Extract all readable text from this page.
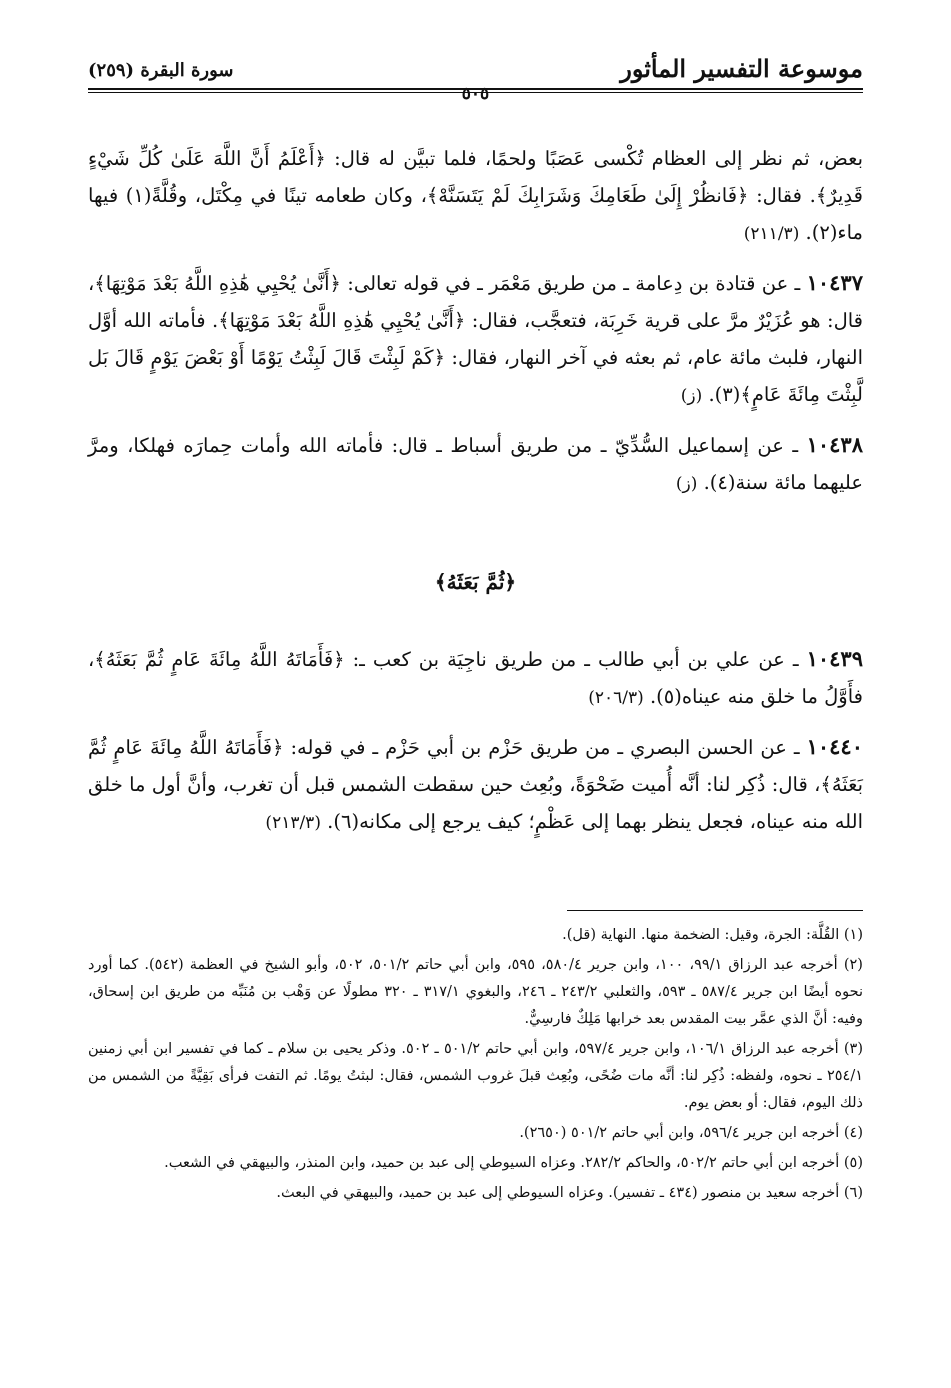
موسوعة التفسير المأثور
سورة البقرة (٢٥٩)
٥٠٥

بعض، ثم نظر إلى العظام تُكْسى عَصَبًا ولحمًا، فلما تبيَّن له قال: ﴿أَعْلَمُ أَنَّ اللَّهَ عَلَىٰ كُلِّ شَيْءٍ قَدِيرٌ﴾. فقال: ﴿فَانظُرْ إِلَىٰ طَعَامِكَ وَشَرَابِكَ لَمْ يَتَسَنَّهْ﴾، وكان طعامه تينًا في مِكْتَل، وقُلَّةً(١) فيها ماء(٢). (٢١١/٣)

١٠٤٣٧ ـ عن قتادة بن دِعامة ـ من طريق مَعْمَر ـ في قوله تعالى: ﴿أَنَّىٰ يُحْيِي هَٰذِهِ اللَّهُ بَعْدَ مَوْتِهَا﴾، قال: هو عُزَيْرٌ مرَّ على قرية خَرِبَة، فتعجَّب، فقال: ﴿أَنَّىٰ يُحْيِي هَٰذِهِ اللَّهُ بَعْدَ مَوْتِهَا﴾. فأماته الله أوَّل النهار، فلبث مائة عام، ثم بعثه في آخر النهار، فقال: ﴿كَمْ لَبِثْتَ قَالَ لَبِثْتُ يَوْمًا أَوْ بَعْضَ يَوْمٍ قَالَ بَل لَّبِثْتَ مِائَةَ عَامٍ﴾(٣). (ز)

١٠٤٣٨ ـ عن إسماعيل السُّدِّيّ ـ من طريق أسباط ـ قال: فأماته الله وأمات حِمارَه فهلكا، ومرَّ عليهما مائة سنة(٤). (ز)

﴿ثُمَّ بَعَثَهُ﴾

١٠٤٣٩ ـ عن علي بن أبي طالب ـ من طريق ناجِيَة بن كعب ـ: ﴿فَأَمَاتَهُ اللَّهُ مِائَةَ عَامٍ ثُمَّ بَعَثَهُ﴾، فأَوَّلُ ما خلق منه عيناه(٥). (٢٠٦/٣)

١٠٤٤٠ ـ عن الحسن البصري ـ من طريق حَزْم بن أبي حَزْم ـ في قوله: ﴿فَأَمَاتَهُ اللَّهُ مِائَةَ عَامٍ ثُمَّ بَعَثَهُ﴾، قال: ذُكِر لنا: أنَّه أُميت ضَحْوَةً، وبُعِث حين سقطت الشمس قبل أن تغرب، وأنَّ أول ما خلق الله منه عيناه، فجعل ينظر بهما إلى عَظْمٍ؛ كيف يرجع إلى مكانه(٦). (٢١٣/٣)

(١) القُلَّة: الجرة، وقيل: الضخمة منها. النهاية (قل).

(٢) أخرجه عبد الرزاق ٩٩/١، ١٠٠، وابن جرير ٥٨٠/٤، ٥٩٥، وابن أبي حاتم ٥٠١/٢، ٥٠٢، وأبو الشيخ في العظمة (٥٤٢). كما أورد نحوه أيضًا ابن جرير ٥٨٧/٤ ـ ٥٩٣، والثعلبي ٢٤٣/٢ ـ ٢٤٦، والبغوي ٣١٧/١ ـ ٣٢٠ مطولًا عن وَهْب بن مُنَبِّه من طريق ابن إسحاق، وفيه: أنَّ الذي عمَّر بيت المقدس بعد خرابها مَلِكٌ فارسِيٌّ.

(٣) أخرجه عبد الرزاق ١٠٦/١، وابن جرير ٥٩٧/٤، وابن أبي حاتم ٥٠١/٢ ـ ٥٠٢. وذكر يحيى بن سلام ـ كما في تفسير ابن أبي زمنين ٢٥٤/١ ـ نحوه، ولفظه: ذُكِر لنا: أنَّه مات ضُحًى، وبُعِث قبلَ غروب الشمس، فقال: لبثتُ يومًا. ثم التفت فرأى بَقِيَّةً من الشمس من ذلك اليوم، فقال: أو بعض يوم.

(٤) أخرجه ابن جرير ٥٩٦/٤، وابن أبي حاتم ٥٠١/٢ (٢٦٥٠).

(٥) أخرجه ابن أبي حاتم ٥٠٢/٢، والحاكم ٢٨٢/٢. وعزاه السيوطي إلى عبد بن حميد، وابن المنذر، والبيهقي في الشعب.

(٦) أخرجه سعيد بن منصور (٤٣٤ ـ تفسير). وعزاه السيوطي إلى عبد بن حميد، والبيهقي في البعث.
